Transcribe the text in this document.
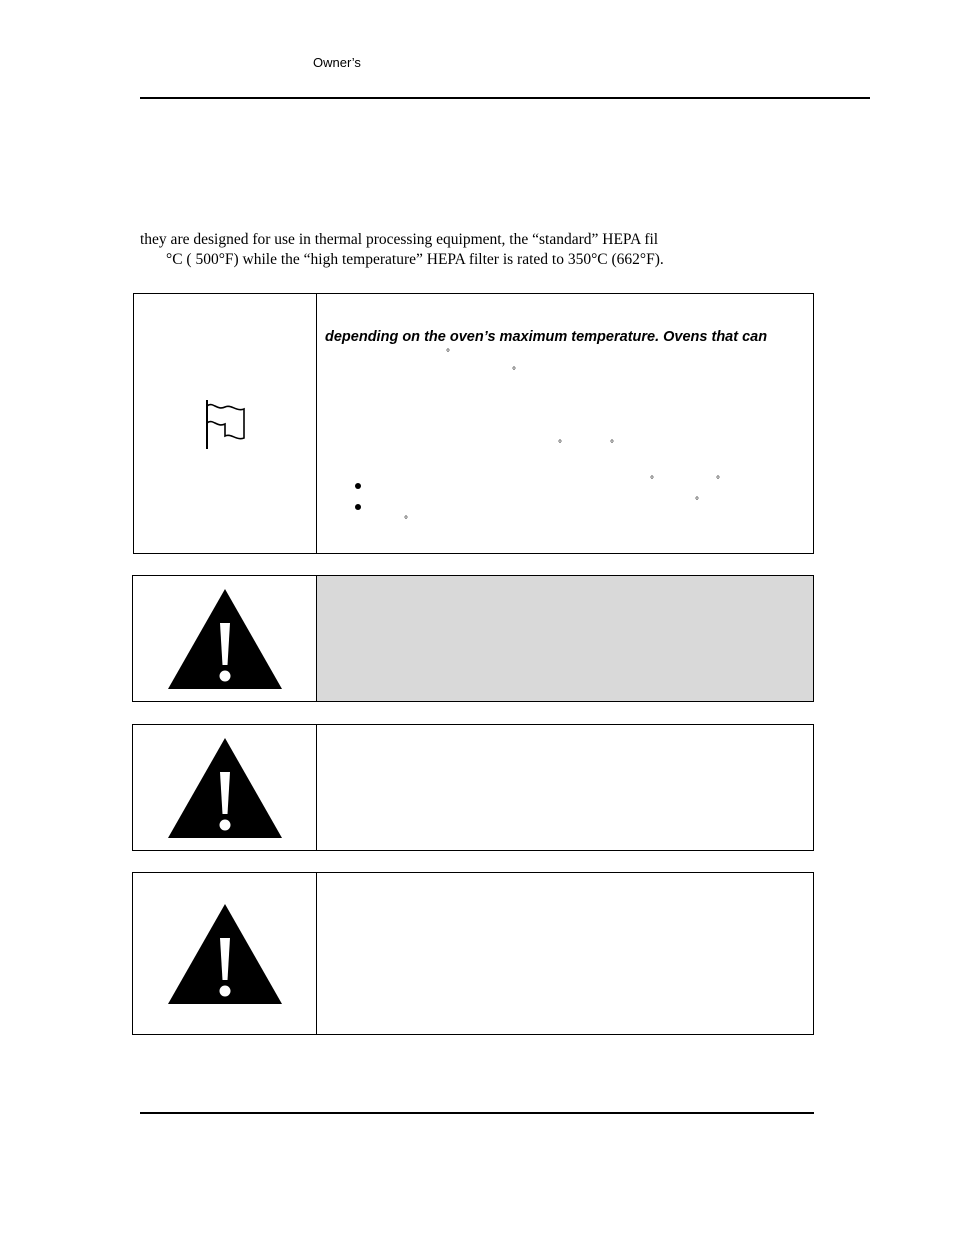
Owner’s
they are designed for use in thermal processing equipment, the “standard” HEPA fil
°C ( 500°F) while the “high temperature” HEPA filter is rated to 350°C (662°F).
depending on the oven’s maximum temperature. Ovens that can
°
°
°	°
°	°
°
°
